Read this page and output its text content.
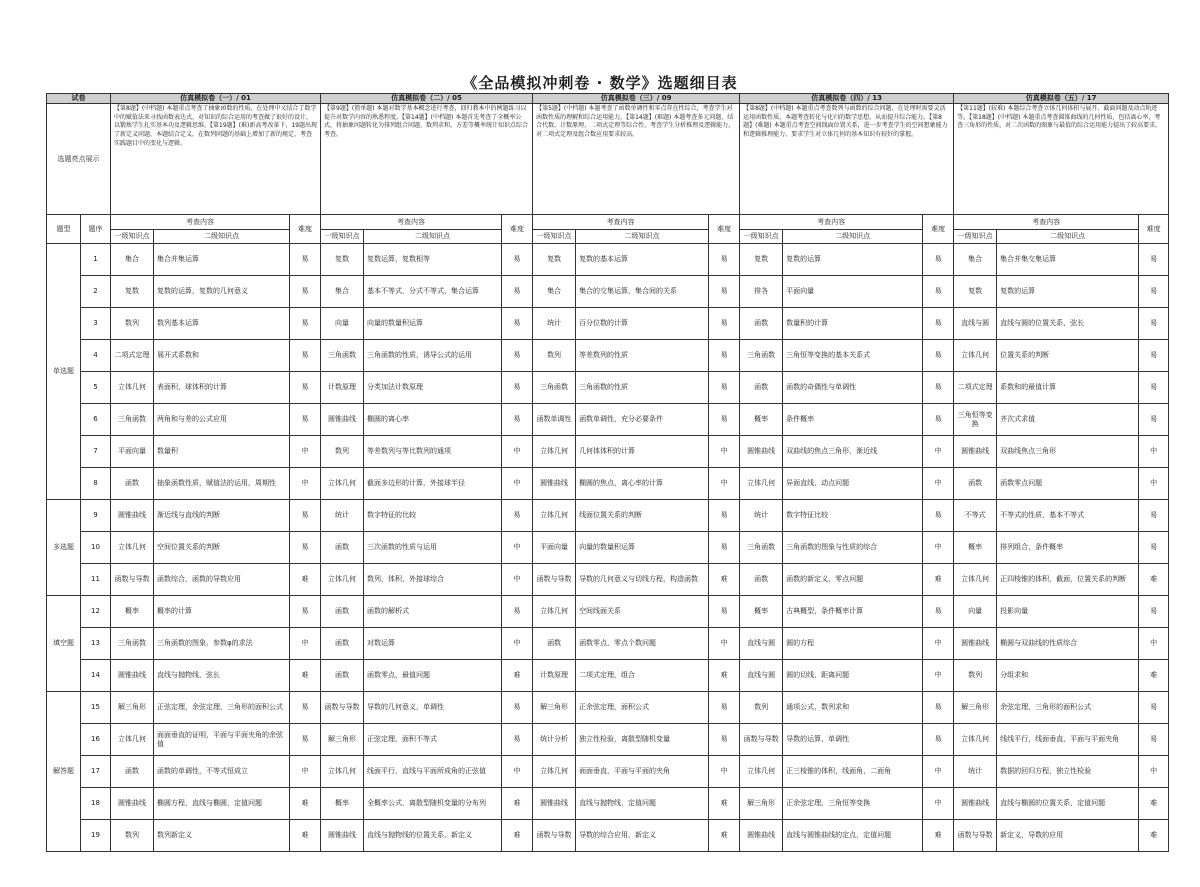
《全品模拟冲刺卷 · 数学》选题细目表
试卷		仿真模拟卷（一）/ 01			仿真模拟卷（二）/ 05			仿真模拟卷（三）/ 09			仿真模拟卷（四）/ 13			仿真模拟卷（五）/ 17		
选题亮点展示		【第8题】(中档题) 本题重点考查了抽象函数的性质，在处理中又结合了数学中的赋值法来寻找函数表达式，对知识的综合运用的考查做了很好的设计，以锻炼学生扎实基本功及逻辑思维。【第19题】(难)新高考改革下，19题出现了新定义问题，本题结合定义，在数列问题的基础上增加了新的规定，考查实践题目中的变化与逻辑。			【第9题】(简单题) 本题对数学基本概念进行考查，回归教本中的例题练习以提升对数学内容的熟悉程度。【第14题】(中档题) 本题首先考查了全概率公式，将抽象问题转化为排列组合问题，数列求和，方差等概率统计知识点综合考查。			【第5题】(中档题) 本题考查了函数单调性和零点存在性综合，考查学生对函数性质的理解和综合运用能力。【第14题】(难题) 本题考查多元问题，结合代数、计数原理、二项式定理等综合性，考查学生分析推理及逻辑能力，对二项式定理及组合数应用要求较高。			【第8题】(中档题) 本题重点考查数列与函数的综合问题，在处理时需要灵活运用函数性质，本题考查转化与化归的数学思想，从而提升综合能力。【第8题】(难题) 本题重点考查空间线面位置关系，进一步考查学生的空间想象能力和逻辑推理能力，要求学生对立体几何的基本知识有较好的掌握。			【第11题】(较难) 本题综合考查立体几何体积与展开、截面问题及动点轨迹等。【第18题】(中档题) 本题重点考查圆锥曲线的几何性质，包括离心率，考查三角形的性质，对二次函数的图象与最值的综合运用能力提出了较高要求。		
题型	题序	考查内容		难度	考查内容		难度	考查内容		难度	考查内容		难度	考查内容		难度
		一级知识点	二级知识点		一级知识点	二级知识点		一级知识点	二级知识点		一级知识点	二级知识点		一级知识点	二级知识点	
单选题	1	集合	集合并集运算	易	复数	复数运算，复数相等	易	复数	复数的基本运算	易	复数	复数的运算	易	集合	集合并集交集运算	易
	2	复数	复数的运算，复数的几何意义	易	集合	基本不等式，分式不等式，集合运算	易	集合	集合的交集运算，集合间的关系	易	排各	平面向量	易	复数	复数的运算	易
	3	数列	数列基本运算	易	向量	向量的数量积运算	易	统计	百分位数的计算	易	函数	数量积的计算	易	直线与圆	直线与圆的位置关系，弦长	易
	4	二项式定理	展开式系数和	易	三角函数	三角函数的性质，诱导公式的运用	易	数列	等差数列的性质	易	三角函数	三角恒等变换的基本关系式	易	立体几何	位置关系的判断	易
	5	立体几何	表面积，球体积的计算	易	计数原理	分类加法计数原理	易	三角函数	三角函数的性质	易	函数	函数的奇偶性与单调性	易	二项式定理	系数和的最值计算	易
	6	三角函数	两角和与差的公式应用	易	圆锥曲线	椭圆的离心率	易	函数单调性	函数单调性，充分必要条件	易	概率	条件概率	易	三角恒等变换	齐次式求值	易
	7	平面向量	数量积	中	数列	等差数列与等比数列的通项	中	立体几何	几何体体积的计算	中	圆锥曲线	双曲线的焦点三角形，渐近线	中	圆锥曲线	双曲线焦点三角形	中
	8	函数	抽象函数性质，赋值法的运用，周期性	中	立体几何	截面多边形的计算，外接球半径	中	圆锥曲线	椭圆的焦点，离心率的计算	中	立体几何	异面直线，动点问题	中	函数	函数零点问题	中
多选题	9	圆锥曲线	渐近线与直线的判断	易	统计	数字特征的比较	易	立体几何	线面位置关系的判断	易	统计	数字特征比较	易	不等式	不等式的性质，基本不等式	易
	10	立体几何	空间位置关系的判断	易	函数	三次函数的性质与运用	中	平面向量	向量的数量积运算	易	三角函数	三角函数的图象与性质的综合	中	概率	排列组合，条件概率	易
	11	函数与导数	函数综合，函数的导数应用	难	立体几何	数列，体积，外接球综合	中	函数与导数	导数的几何意义与切线方程，构造函数	难	函数	函数的新定义，零点问题	难	立体几何	正四棱锥的体积，截面，位置关系的判断	难
填空题	12	概率	概率的计算	易	函数	函数的解析式	易	立体几何	空间线面关系	易	概率	古典概型，条件概率计算	易	向量	投影向量	易
	13	三角函数	三角函数的图象，参数φ的求法	中	函数	对数运算	中	函数	函数零点，零点个数问题	中	直线与圆	圆的方程	中	圆锥曲线	椭圆与双曲线的性质综合	中
	14	圆锥曲线	直线与抛物线，弦长	难	函数	函数零点，最值问题	难	计数原理	二项式定理，组合	难	直线与圆	圆的切线，距离问题	中	数列	分组求和	难
解答题	15	解三角形	正弦定理，余弦定理，三角形的面积公式	易	函数与导数	导数的几何意义，单调性	易	解三角形	正余弦定理，面积公式	易	数列	通项公式，数列求和	易	解三角形	余弦定理，三角形的面积公式	易
	16	立体几何	面面垂直的证明，平面与平面夹角的余弦值	易	解三角形	正弦定理，面积不等式	易	统计分析	独立性检验，离散型随机变量	易	函数与导数	导数的运算，单调性	易	立体几何	线线平行，线面垂直，平面与平面夹角	易
	17	函数	函数的单调性，不等式恒成立	中	立体几何	线面平行，直线与平面所成角的正弦值	中	立体几何	面面垂直，平面与平面的夹角	中	立体几何	正三棱锥的体积，线面角，二面角	中	统计	数据的回归方程，独立性检验	中
	18	圆锥曲线	椭圆方程，直线与椭圆，定值问题	难	概率	全概率公式，离散型随机变量的分布列	难	圆锥曲线	直线与抛物线，定值问题	难	解三角形	正余弦定理，三角恒等变换	中	圆锥曲线	直线与椭圆的位置关系，定值问题	难
	19	数列	数列新定义	难	圆锥曲线	直线与抛物线的位置关系，新定义	难	函数与导数	导数的综合应用，新定义	难	圆锥曲线	直线与圆锥曲线的定点，定值问题	难	函数与导数	新定义，导数的应用	难
